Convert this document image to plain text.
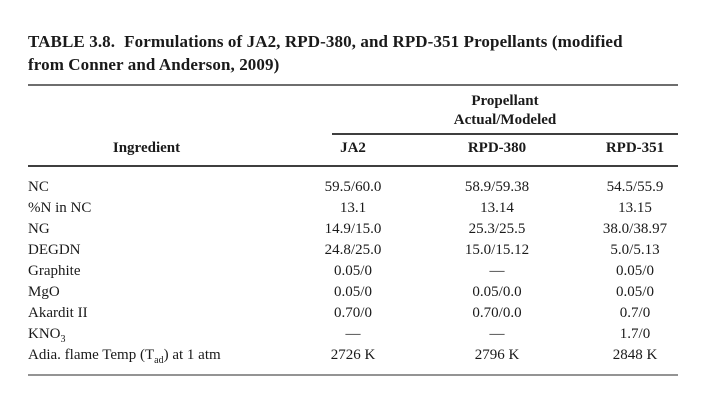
TABLE 3.8. Formulations of JA2, RPD-380, and RPD-351 Propellants (modified
from Conner and Anderson, 2009)
Propellant
Actual/Modeled
Ingredient	JA2	RPD-380	RPD-351
NC	59.5/60.0	58.9/59.38	54.5/55.9
%N in NC	13.1	13.14	13.15
NG	14.9/15.0	25.3/25.5	38.0/38.97
DEGDN	24.8/25.0	15.0/15.12	5.0/5.13
Graphite	0.05/0	—	0.05/0
MgO	0.05/0	0.05/0.0	0.05/0
Akardit II	0.70/0	0.70/0.0	0.7/0
$KNO_3$	—	—	1.7/0
Adia. flame Temp $(T_{ad})$ at 1 atm	2726 K	2796 K	2848 K
